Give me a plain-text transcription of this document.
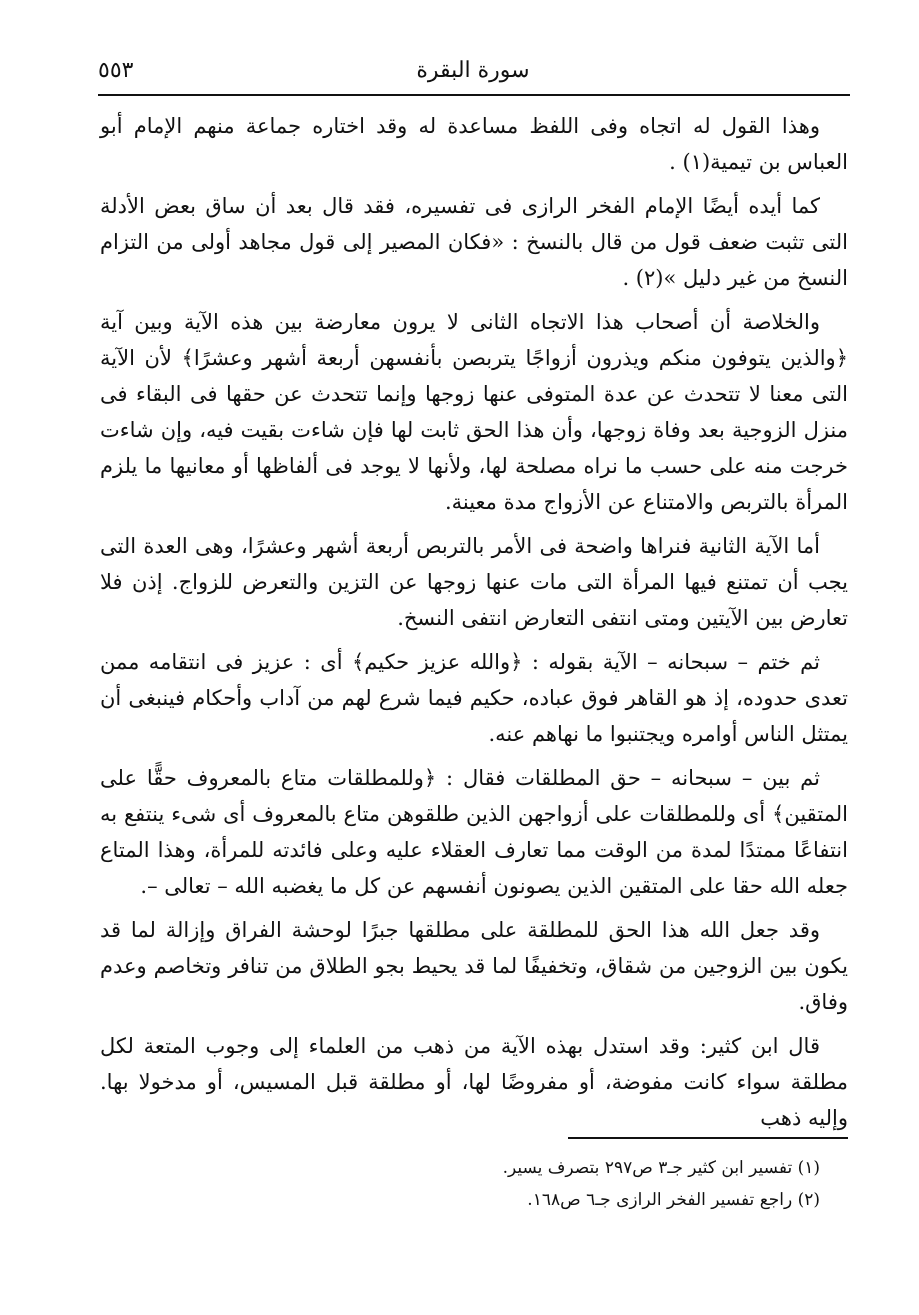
سورة البقرة
٥٥٣

وهذا القول له اتجاه وفى اللفظ مساعدة له وقد اختاره جماعة منهم الإمام أبو العباس بن تيمية(١) .

كما أيده أيضًا الإمام الفخر الرازى فى تفسيره، فقد قال بعد أن ساق بعض الأدلة التى تثبت ضعف قول من قال بالنسخ : «فكان المصير إلى قول مجاهد أولى من التزام النسخ من غير دليل »(٢) .

والخلاصة أن أصحاب هذا الاتجاه الثانى لا يرون معارضة بين هذه الآية وبين آية ﴿والذين يتوفون منكم ويذرون أزواجًا يتربصن بأنفسهن أربعة أشهر وعشرًا﴾ لأن الآية التى معنا لا تتحدث عن عدة المتوفى عنها زوجها وإنما تتحدث عن حقها فى البقاء فى منزل الزوجية بعد وفاة زوجها، وأن هذا الحق ثابت لها فإن شاءت بقيت فيه، وإن شاءت خرجت منه على حسب ما نراه مصلحة لها، ولأنها لا يوجد فى ألفاظها أو معانيها ما يلزم المرأة بالتربص والامتناع عن الأزواج مدة معينة.

أما الآية الثانية فنراها واضحة فى الأمر بالتربص أربعة أشهر وعشرًا، وهى العدة التى يجب أن تمتنع فيها المرأة التى مات عنها زوجها عن التزين والتعرض للزواج. إذن فلا تعارض بين الآيتين ومتى انتفى التعارض انتفى النسخ.

ثم ختم – سبحانه – الآية بقوله : ﴿والله عزيز حكيم﴾ أى : عزيز فى انتقامه ممن تعدى حدوده، إذ هو القاهر فوق عباده، حكيم فيما شرع لهم من آداب وأحكام فينبغى أن يمتثل الناس أوامره ويجتنبوا ما نهاهم عنه.

ثم بين – سبحانه – حق المطلقات فقال : ﴿وللمطلقات متاع بالمعروف حقًّا على المتقين﴾ أى وللمطلقات على أزواجهن الذين طلقوهن متاع بالمعروف أى شىء ينتفع به انتفاعًا ممتدًا لمدة من الوقت مما تعارف العقلاء عليه وعلى فائدته للمرأة، وهذا المتاع جعله الله حقا على المتقين الذين يصونون أنفسهم عن كل ما يغضبه الله – تعالى –.

وقد جعل الله هذا الحق للمطلقة على مطلقها جبرًا لوحشة الفراق وإزالة لما قد يكون بين الزوجين من شقاق، وتخفيفًا لما قد يحيط بجو الطلاق من تنافر وتخاصم وعدم وفاق.

قال ابن كثير: وقد استدل بهذه الآية من ذهب من العلماء إلى وجوب المتعة لكل مطلقة سواء كانت مفوضة، أو مفروضًا لها، أو مطلقة قبل المسيس، أو مدخولا بها. وإليه ذهب

(١) تفسير ابن كثير جـ٣ ص٢٩٧ بتصرف يسير.

(٢) راجع تفسير الفخر الرازى جـ٦ ص١٦٨.
